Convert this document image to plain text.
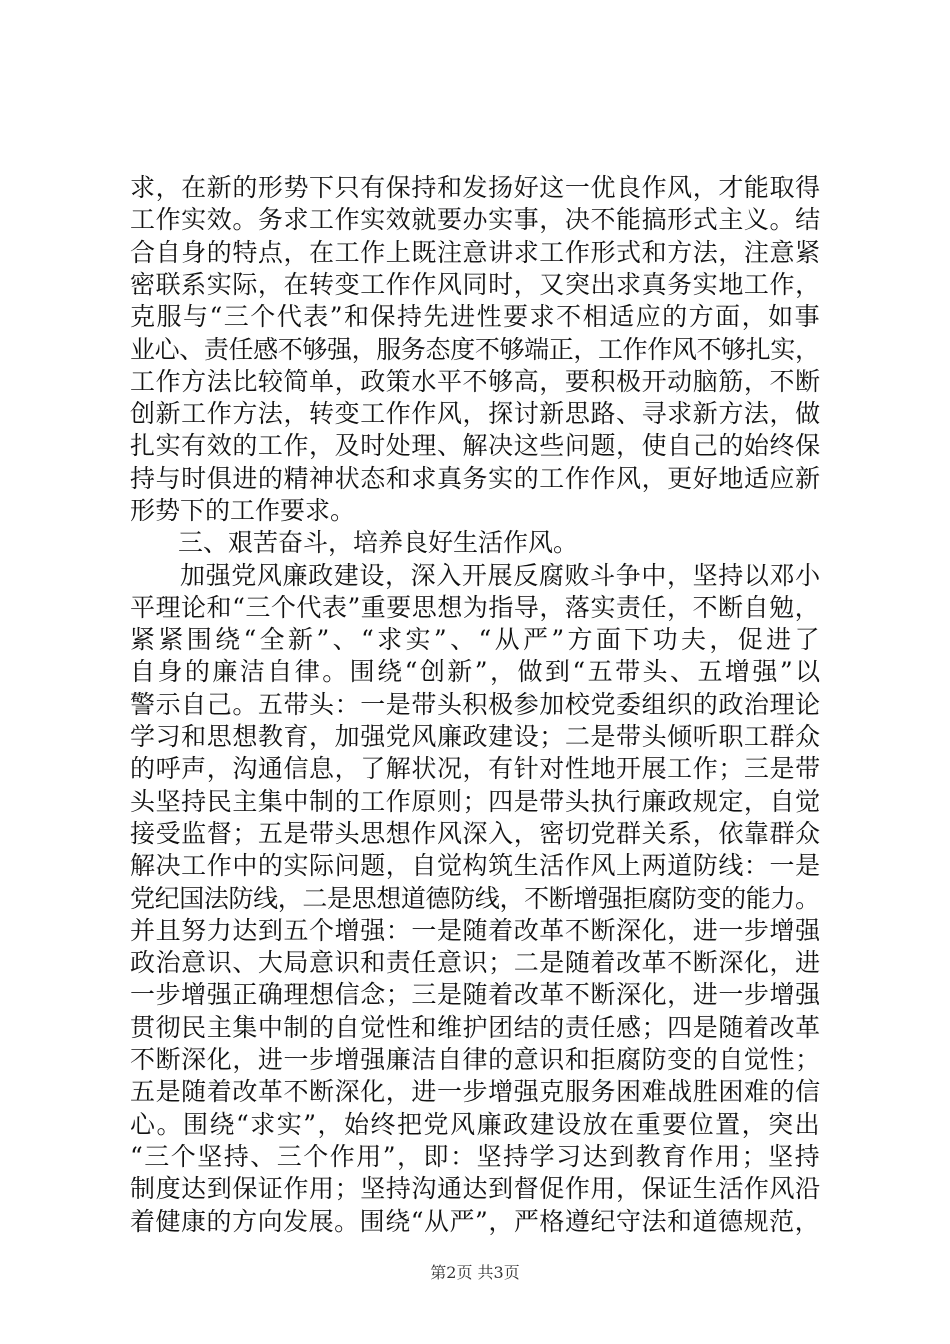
求，在新的形势下只有保持和发扬好这一优良作风，才能取得
工作实效。务求工作实效就要办实事，决不能搞形式主义。结
合自身的特点，在工作上既注意讲求工作形式和方法，注意紧
密联系实际，在转变工作作风同时，又突出求真务实地工作，
克服与“三个代表”和保持先进性要求不相适应的方面，如事
业心、责任感不够强，服务态度不够端正，工作作风不够扎实，
工作方法比较简单，政策水平不够高，要积极开动脑筋，不断
创新工作方法，转变工作作风，探讨新思路、寻求新方法，做
扎实有效的工作，及时处理、解决这些问题，使自己的始终保
持与时俱进的精神状态和求真务实的工作作风，更好地适应新
形势下的工作要求。
三、艰苦奋斗，培养良好生活作风。
加强党风廉政建设，深入开展反腐败斗争中，坚持以邓小
平理论和“三个代表”重要思想为指导，落实责任，不断自勉，
紧紧围绕“全新”、“求实”、“从严”方面下功夫，促进了
自身的廉洁自律。围绕“创新”，做到“五带头、五增强”以
警示自己。五带头：一是带头积极参加校党委组织的政治理论
学习和思想教育，加强党风廉政建设；二是带头倾听职工群众
的呼声，沟通信息，了解状况，有针对性地开展工作；三是带
头坚持民主集中制的工作原则；四是带头执行廉政规定，自觉
接受监督；五是带头思想作风深入，密切党群关系，依靠群众
解决工作中的实际问题，自觉构筑生活作风上两道防线：一是
党纪国法防线，二是思想道德防线，不断增强拒腐防变的能力。
并且努力达到五个增强：一是随着改革不断深化，进一步增强
政治意识、大局意识和责任意识；二是随着改革不断深化，进
一步增强正确理想信念；三是随着改革不断深化，进一步增强
贯彻民主集中制的自觉性和维护团结的责任感；四是随着改革
不断深化，进一步增强廉洁自律的意识和拒腐防变的自觉性；
五是随着改革不断深化，进一步增强克服务困难战胜困难的信
心。围绕“求实”，始终把党风廉政建设放在重要位置，突出
“三个坚持、三个作用”，即：坚持学习达到教育作用；坚持
制度达到保证作用；坚持沟通达到督促作用，保证生活作风沿
着健康的方向发展。围绕“从严”，严格遵纪守法和道德规范，
第2页 共3页
